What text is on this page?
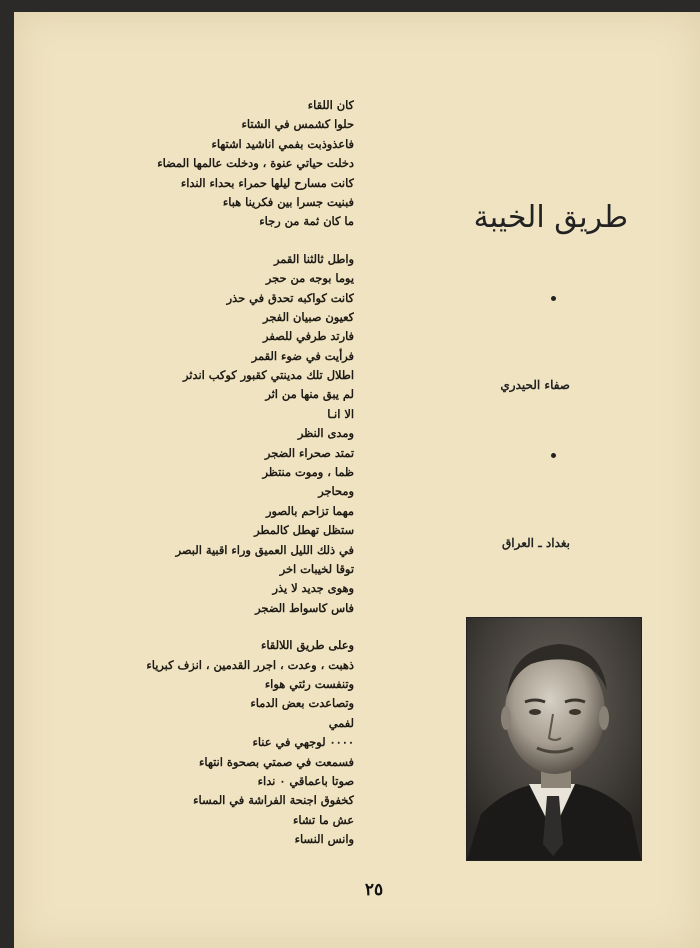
كان اللقاء
حلوا كشمس في الشتاء
فاعذوذبت بفمي اناشيد اشتهاء
دخلت حياتي عنوة ، ودخلت عالمها المضاء
كانت مسارح ليلها حمراء بحداء النداء
فبنيت جسرا بين فكرينا هباء
ما كان ثمة من رجاء
واطل ثالثنا القمر
يوما بوجه من حجر
كانت كواكبه تحدق في حذر
كعيون صبيان الفجر
فارتد طرفي للصفر
فرأيت في ضوء القمر
اطلال تلك مدينتي كقبور كوكب اندثر
لم يبق منها من اثر
الا انـا
ومدى النظر
تمتد صحراء الضجر
ظما ، وموت منتظر
ومحاجر
مهما تزاحم بالصور
ستظل تهطل كالمطر
في ذلك الليل العميق وراء اقبية البصر
توقا لخيبات اخر
وهوى جديد لا يذر
فاس كاسواط الضجر
وعلى طريق اللالقاء
ذهبت ، وعدت ، اجرر القدمين ، انزف كبرياء
وتنفست رئتي هواء
وتصاعدت بعض الدماء
لفمي
٠٠٠٠ لوجهي في عناء
فسمعت في صمتي بصحوة انتهاء
صوتا باعماقي ٠ نداء
كخفوق اجنحة الفراشة في المساء
عش ما تشاء
وانس النساء
طريق الخيبة
صفاء الحيدري
بغداد ـ العراق
٢٥
